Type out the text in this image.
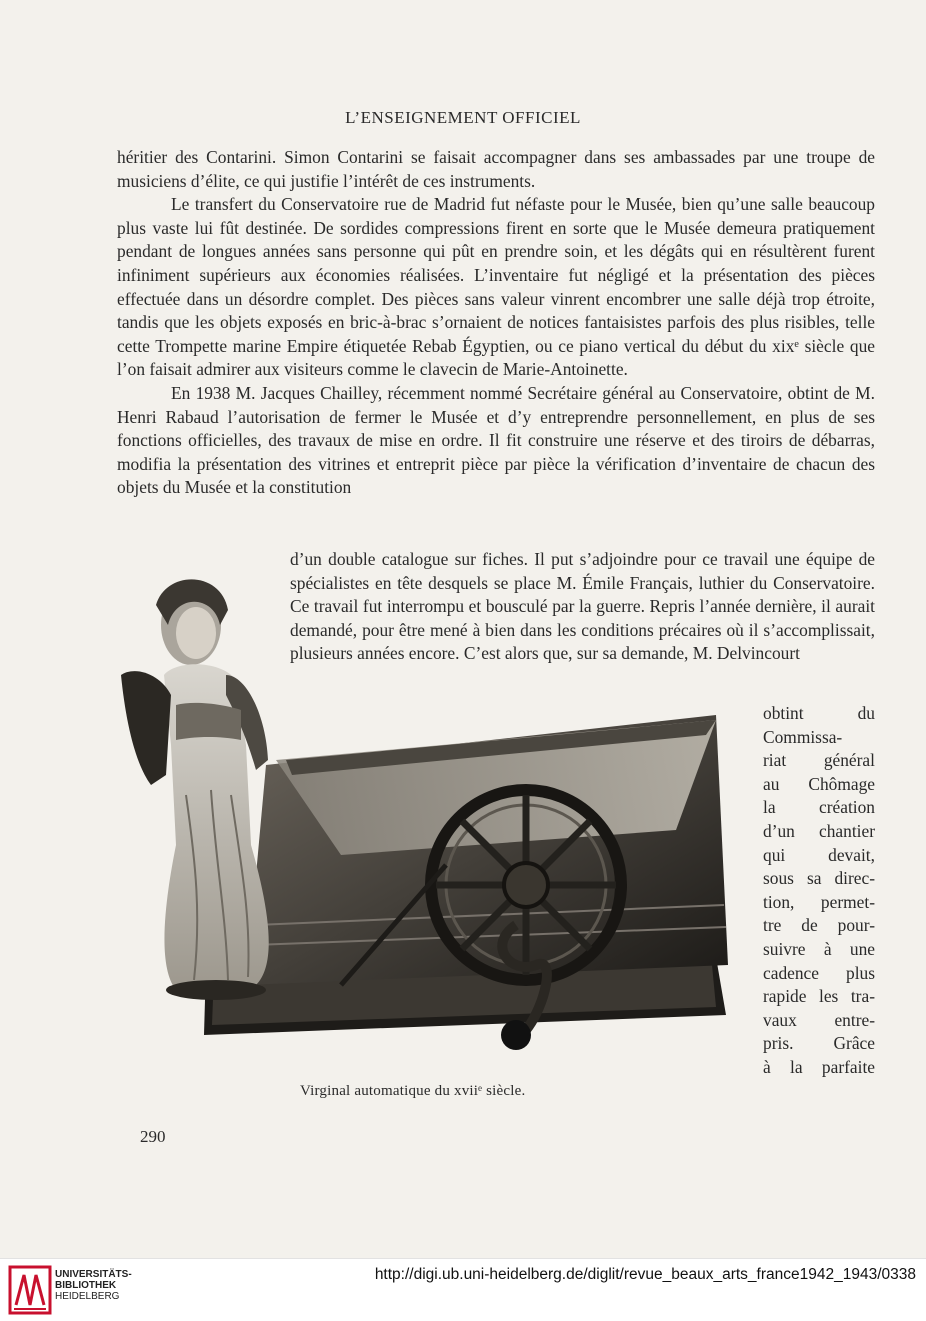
L’ENSEIGNEMENT OFFICIEL

héritier des Contarini. Simon Contarini se faisait accompagner dans ses ambassades par une troupe de musiciens d’élite, ce qui justifie l’intérêt de ces instruments.

Le transfert du Conservatoire rue de Madrid fut néfaste pour le Musée, bien qu’une salle beaucoup plus vaste lui fût destinée. De sordides compressions firent en sorte que le Musée demeura pratiquement pendant de longues années sans personne qui pût en prendre soin, et les dégâts qui en résultèrent furent infiniment supérieurs aux économies réalisées. L’inventaire fut négligé et la présentation des pièces effectuée dans un désordre complet. Des pièces sans valeur vinrent encombrer une salle déjà trop étroite, tandis que les objets exposés en bric-à-brac s’ornaient de notices fantaisistes parfois des plus risibles, telle cette Trompette marine Empire étiquetée Rebab Égyptien, ou ce piano vertical du début du xixᵉ siècle que l’on faisait admirer aux visiteurs comme le clavecin de Marie-Antoinette.

En 1938 M. Jacques Chailley, récemment nommé Secrétaire général au Conservatoire, obtint de M. Henri Rabaud l’autorisation de fermer le Musée et d’y entreprendre personnellement, en plus de ses fonctions officielles, des travaux de mise en ordre. Il fit construire une réserve et des tiroirs de débarras, modifia la présentation des vitrines et entreprit pièce par pièce la vérification d’inventaire de chacun des objets du Musée et la constitution

d’un double catalogue sur fiches. Il put s’adjoindre pour ce travail une équipe de spécialistes en tête desquels se place M. Émile Français, luthier du Conservatoire. Ce travail fut interrompu et bousculé par la guerre. Repris l’année dernière, il aurait demandé, pour être mené à bien dans les conditions précaires où il s’accomplissait, plusieurs années encore. C’est alors que, sur sa demande, M. Delvincourt
obtint du
Commissa-
riat général
au Chômage
la création
d’un chantier
qui devait,
sous sa direc-
tion, permet-
tre de pour-
suivre à une
cadence plus
rapide les tra-
vaux entre-
pris. Grâce
à la parfaite
Virginal automatique du xviiᵉ siècle.
290
UNIVERSITÄTS-
BIBLIOTHEK
HEIDELBERG
http://digi.ub.uni-heidelberg.de/diglit/revue_beaux_arts_france1942_1943/0338
